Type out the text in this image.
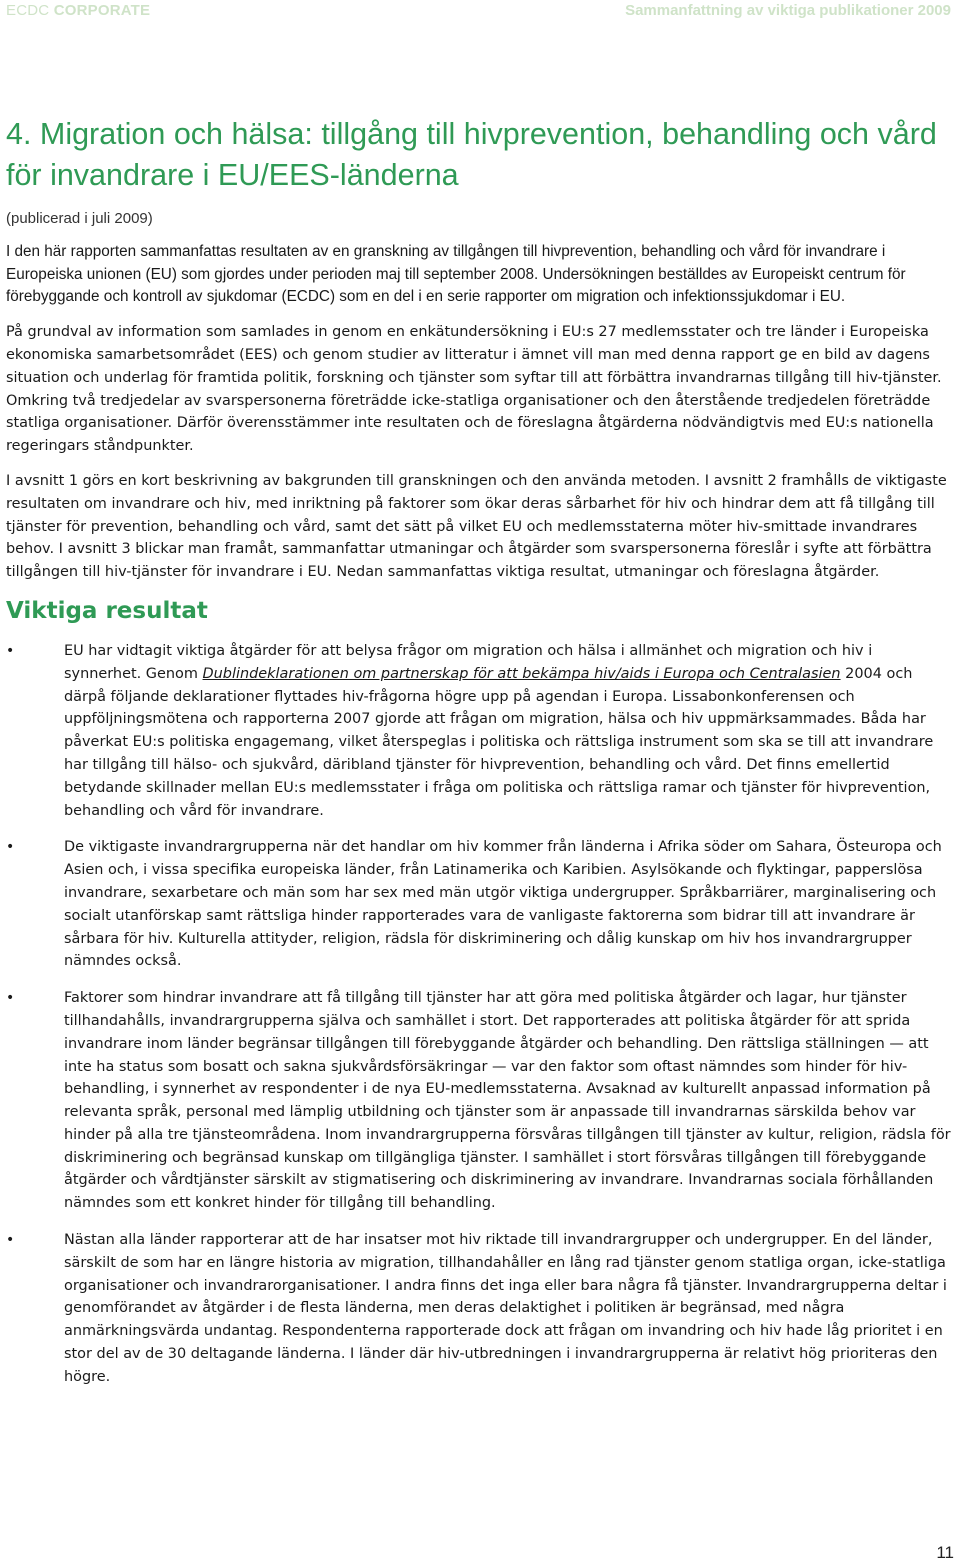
ECDC CORPORATE	Sammanfattning av viktiga publikationer 2009
4. Migration och hälsa: tillgång till hivprevention, behandling och vård för invandrare i EU/EES-länderna

(publicerad i juli 2009)

I den här rapporten sammanfattas resultaten av en granskning av tillgången till hivprevention, behandling och vård för invandrare i Europeiska unionen (EU) som gjordes under perioden maj till september 2008. Undersökningen beställdes av Europeiskt centrum för förebyggande och kontroll av sjukdomar (ECDC) som en del i en serie rapporter om migration och infektionssjukdomar i EU.

På grundval av information som samlades in genom en enkätundersökning i EU:s 27 medlemsstater och tre länder i Europeiska ekonomiska samarbetsområdet (EES) och genom studier av litteratur i ämnet vill man med denna rapport ge en bild av dagens situation och underlag för framtida politik, forskning och tjänster som syftar till att förbättra invandrarnas tillgång till hiv-tjänster. Omkring två tredjedelar av svarspersonerna företrädde icke-statliga organisationer och den återstående tredjedelen företrädde statliga organisationer. Därför överensstämmer inte resultaten och de föreslagna åtgärderna nödvändigtvis med EU:s nationella regeringars ståndpunkter.

I avsnitt 1 görs en kort beskrivning av bakgrunden till granskningen och den använda metoden. I avsnitt 2 framhålls de viktigaste resultaten om invandrare och hiv, med inriktning på faktorer som ökar deras sårbarhet för hiv och hindrar dem att få tillgång till tjänster för prevention, behandling och vård, samt det sätt på vilket EU och medlemsstaterna möter hiv-smittade invandrares behov. I avsnitt 3 blickar man framåt, sammanfattar utmaningar och åtgärder som svarspersonerna föreslår i syfte att förbättra tillgången till hiv-tjänster för invandrare i EU. Nedan sammanfattas viktiga resultat, utmaningar och föreslagna åtgärder.

Viktiga resultat
•	EU har vidtagit viktiga åtgärder för att belysa frågor om migration och hälsa i allmänhet och migration och hiv i synnerhet. Genom Dublindeklarationen om partnerskap för att bekämpa hiv/aids i Europa och Centralasien 2004 och därpå följande deklarationer flyttades hiv-frågorna högre upp på agendan i Europa. Lissabonkonferensen och uppföljningsmötena och rapporterna 2007 gjorde att frågan om migration, hälsa och hiv uppmärksammades. Båda har påverkat EU:s politiska engagemang, vilket återspeglas i politiska och rättsliga instrument som ska se till att invandrare har tillgång till hälso- och sjukvård, däribland tjänster för hivprevention, behandling och vård. Det finns emellertid betydande skillnader mellan EU:s medlemsstater i fråga om politiska och rättsliga ramar och tjänster för hivprevention, behandling och vård för invandrare.
•	De viktigaste invandrargrupperna när det handlar om hiv kommer från länderna i Afrika söder om Sahara, Östeuropa och Asien och, i vissa specifika europeiska länder, från Latinamerika och Karibien. Asylsökande och flyktingar, papperslösa invandrare, sexarbetare och män som har sex med män utgör viktiga undergrupper. Språkbarriärer, marginalisering och socialt utanförskap samt rättsliga hinder rapporterades vara de vanligaste faktorerna som bidrar till att invandrare är sårbara för hiv. Kulturella attityder, religion, rädsla för diskriminering och dålig kunskap om hiv hos invandrargrupper nämndes också.
•	Faktorer som hindrar invandrare att få tillgång till tjänster har att göra med politiska åtgärder och lagar, hur tjänster tillhandahålls, invandrargrupperna själva och samhället i stort. Det rapporterades att politiska åtgärder för att sprida invandrare inom länder begränsar tillgången till förebyggande åtgärder och behandling. Den rättsliga ställningen — att inte ha status som bosatt och sakna sjukvårdsförsäkringar — var den faktor som oftast nämndes som hinder för hiv-behandling, i synnerhet av respondenter i de nya EU-medlemsstaterna. Avsaknad av kulturellt anpassad information på relevanta språk, personal med lämplig utbildning och tjänster som är anpassade till invandrarnas särskilda behov var hinder på alla tre tjänsteområdena. Inom invandrargrupperna försvåras tillgången till tjänster av kultur, religion, rädsla för diskriminering och begränsad kunskap om tillgängliga tjänster. I samhället i stort försvåras tillgången till förebyggande åtgärder och vårdtjänster särskilt av stigmatisering och diskriminering av invandrare. Invandrarnas sociala förhållanden nämndes som ett konkret hinder för tillgång till behandling.
•	Nästan alla länder rapporterar att de har insatser mot hiv riktade till invandrargrupper och undergrupper. En del länder, särskilt de som har en längre historia av migration, tillhandahåller en lång rad tjänster genom statliga organ, icke-statliga organisationer och invandrarorganisationer. I andra finns det inga eller bara några få tjänster. Invandrargrupperna deltar i genomförandet av åtgärder i de flesta länderna, men deras delaktighet i politiken är begränsad, med några anmärkningsvärda undantag. Respondenterna rapporterade dock att frågan om invandring och hiv hade låg prioritet i en stor del av de 30 deltagande länderna. I länder där hiv-utbredningen i invandrargrupperna är relativt hög prioriteras den högre.
11
